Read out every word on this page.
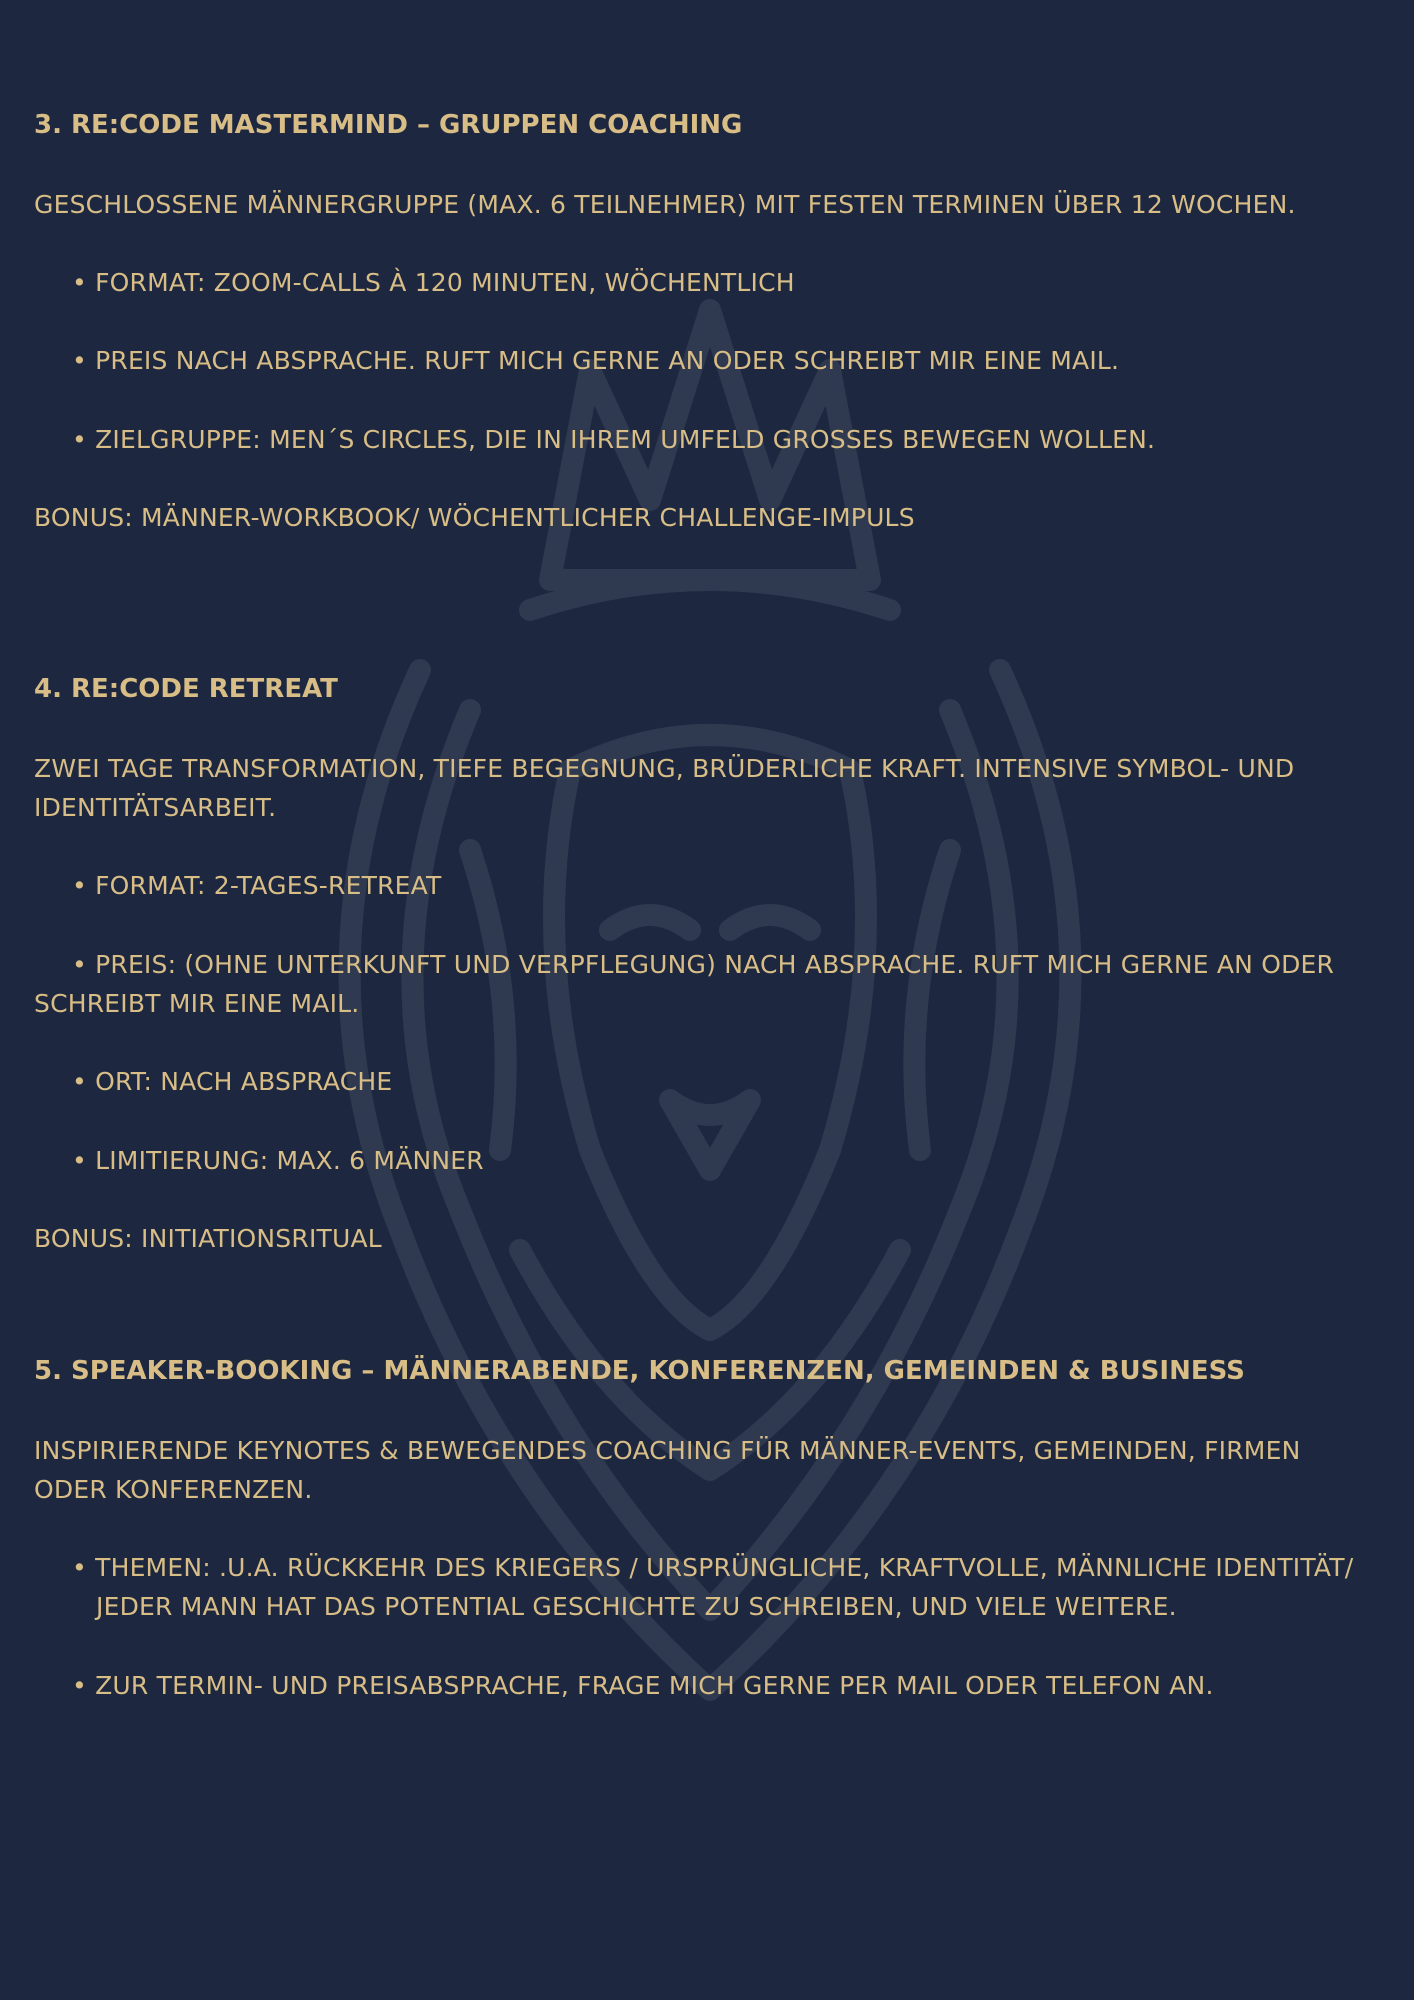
3. RE:CODE MASTERMIND – GRUPPEN COACHING
GESCHLOSSENE MÄNNERGRUPPE (MAX. 6 TEILNEHMER) MIT FESTEN TERMINEN ÜBER 12 WOCHEN.
• FORMAT: ZOOM-CALLS À 120 MINUTEN, WÖCHENTLICH
• PREIS NACH ABSPRACHE. RUFT MICH GERNE AN ODER SCHREIBT MIR EINE MAIL.
• ZIELGRUPPE: MEN´S CIRCLES, DIE IN IHREM UMFELD GROSSES BEWEGEN WOLLEN.
BONUS: MÄNNER-WORKBOOK/ WÖCHENTLICHER CHALLENGE-IMPULS
4. RE:CODE RETREAT
ZWEI TAGE TRANSFORMATION, TIEFE BEGEGNUNG, BRÜDERLICHE KRAFT. INTENSIVE SYMBOL- UND
IDENTITÄTSARBEIT.
• FORMAT: 2-TAGES-RETREAT
• PREIS: (OHNE UNTERKUNFT UND VERPFLEGUNG) NACH ABSPRACHE. RUFT MICH GERNE AN ODER
SCHREIBT MIR EINE MAIL.
• ORT: NACH ABSPRACHE
• LIMITIERUNG: MAX. 6 MÄNNER
BONUS: INITIATIONSRITUAL
5. SPEAKER-BOOKING – MÄNNERABENDE, KONFERENZEN, GEMEINDEN & BUSINESS
INSPIRIERENDE KEYNOTES & BEWEGENDES COACHING FÜR MÄNNER-EVENTS, GEMEINDEN, FIRMEN
ODER KONFERENZEN.
• THEMEN: .U.A. RÜCKKEHR DES KRIEGERS / URSPRÜNGLICHE, KRAFTVOLLE, MÄNNLICHE IDENTITÄT/
JEDER MANN HAT DAS POTENTIAL GESCHICHTE ZU SCHREIBEN, UND VIELE WEITERE.
• ZUR TERMIN- UND PREISABSPRACHE, FRAGE MICH GERNE PER MAIL ODER TELEFON AN.
